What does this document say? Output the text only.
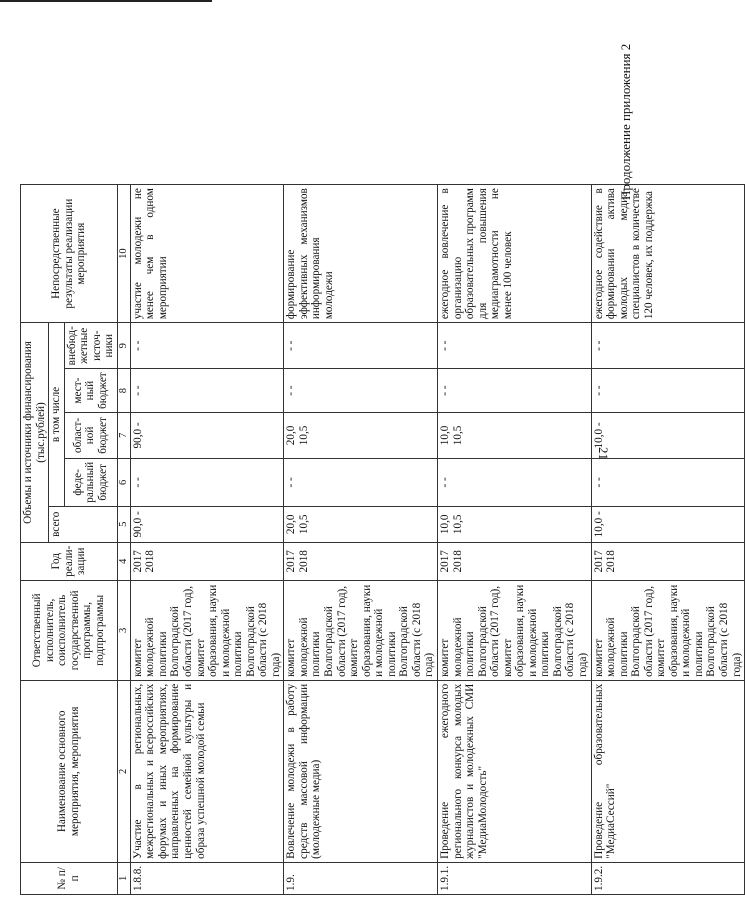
21
Продолжение приложения 2
№ п/п	Наименование основного мероприятия, мероприятия	Ответственный исполнитель, соисполнитель государственной программы, подпрограммы	Год реали-зации	Объемы и источники финансирования (тыс.рублей)					Непосредственные результаты реализации мероприятия
				всего	в том числе				
					феде-ральный бюджет	област-ной бюджет	мест-ный бюджет	внебюд-жетные источ-ники	
1	2	3	4	5	6	7	8	9	10
1.8.8.	Участие в региональных, межрегиональных и всероссийских форумах и иных мероприятиях, направленных на формирование ценностей семейной культуры и образа успешной молодой семьи	комитет молодежной политики Волгоградской области (2017 год), комитет образования, науки и молодежной политики Волгоградской области (с 2018 года)	2017 2018	90,0 -	- -	90,0 -	- -	- -	участие молодежи не менее чем в одном мероприятии
1.9.	Вовлечение молодежи в работу средств массовой информации (молодежные медиа)	комитет молодежной политики Волгоградской области (2017 год), комитет образования, науки и молодежной политики Волгоградской области (с 2018 года)	2017 2018	20,0 10,5	- -	20,0 10,5	- -	- -	формирование эффективных механизмов информирования молодежи
1.9.1.	Проведение ежегодного регионального конкурса молодых журналистов и молодежных СМИ "МедиаМолодость"	комитет молодежной политики Волгоградской области (2017 год), комитет образования, науки и молодежной политики Волгоградской области (с 2018 года)	2017 2018	10,0 10,5	- -	10,0 10,5	- -	- -	ежегодное вовлечение в организацию образовательных программ для повышения медиаграмотности не менее 100 человек
1.9.2.	Проведение образовательных "МедиаСессий"	комитет молодежной политики Волгоградской области (2017 год), комитет образования, науки и молодежной политики Волгоградской области (с 2018 года)	2017 2018	10,0 -	- -	10,0 -	- -	- -	ежегодное содействие в формировании актива молодых медиа-специалистов в количестве 120 человек, их поддержка
